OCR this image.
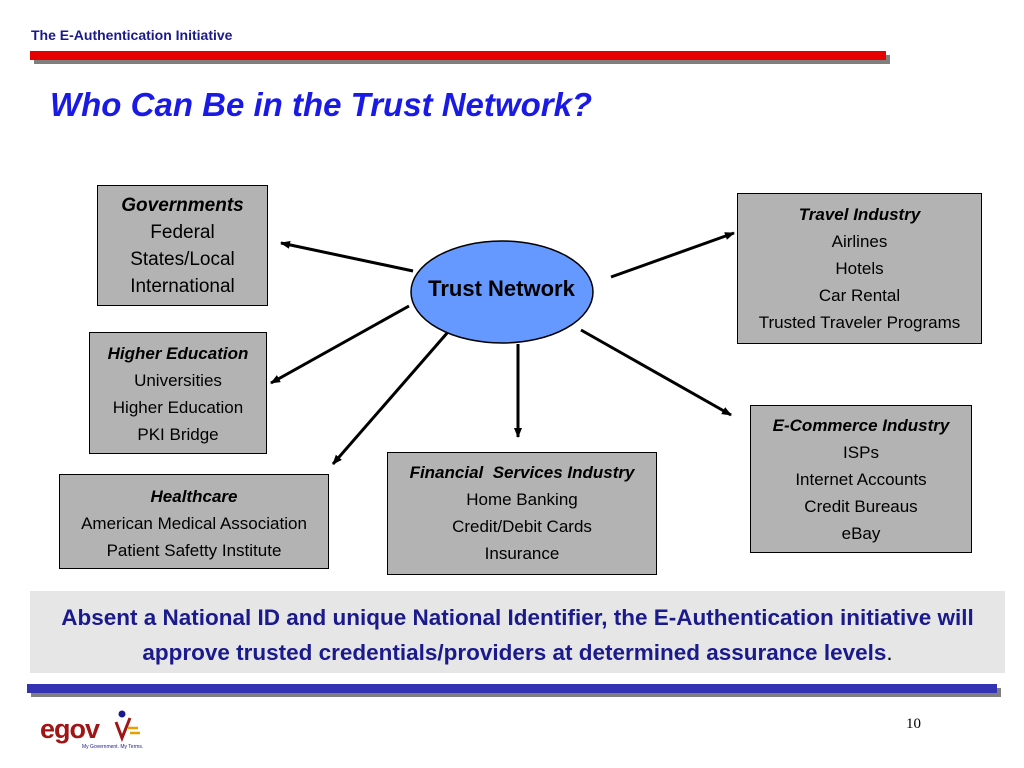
The E-Authentication Initiative
Who Can Be in the Trust Network?
Trust Network
Governments
Federal
States/Local
International
Higher Education
Universities
Higher Education
PKI Bridge
Healthcare
American Medical Association
Patient Safetty Institute
Financial  Services Industry
Home Banking
Credit/Debit Cards
Insurance
E-Commerce Industry
ISPs
Internet Accounts
Credit Bureaus
eBay
Travel Industry
Airlines
Hotels
Car Rental
Trusted Traveler Programs
Absent a National ID and unique National Identifier, the E-Authentication initiative will approve trusted credentials/providers at determined assurance levels.
egov
My Government. My Terms.
10
